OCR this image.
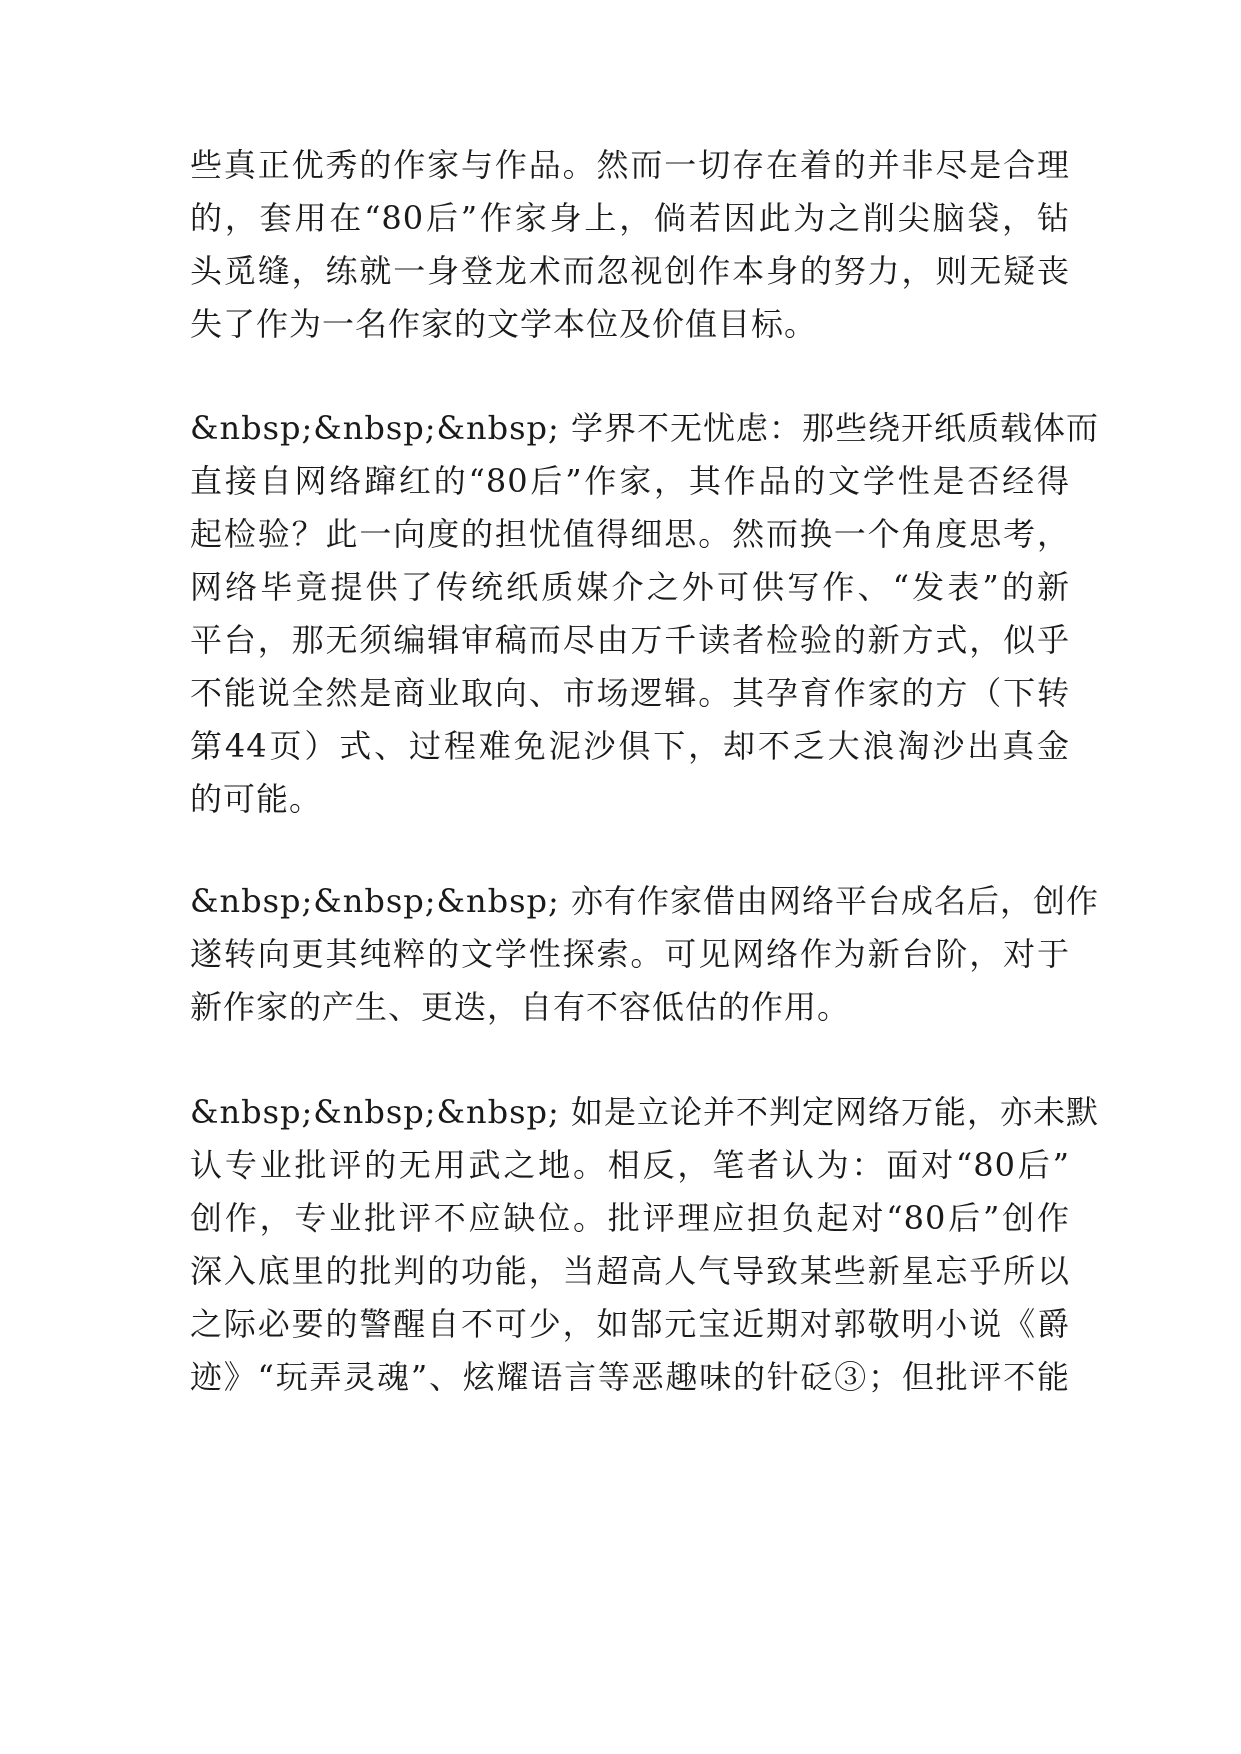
些真正优秀的作家与作品。然而一切存在着的并非尽是合理
的，套用在“80后”作家身上，倘若因此为之削尖脑袋，钻
头觅缝，练就一身登龙术而忽视创作本身的努力，则无疑丧
失了作为一名作家的文学本位及价值目标。
&nbsp;&nbsp;&nbsp; 学界不无忧虑：那些绕开纸质载体而
直接自网络蹿红的“80后”作家，其作品的文学性是否经得
起检验？此一向度的担忧值得细思。然而换一个角度思考，
网络毕竟提供了传统纸质媒介之外可供写作、“发表”的新
平台，那无须编辑审稿而尽由万千读者检验的新方式，似乎
不能说全然是商业取向、市场逻辑。其孕育作家的方（下转
第44页）式、过程难免泥沙俱下，却不乏大浪淘沙出真金
的可能。
&nbsp;&nbsp;&nbsp; 亦有作家借由网络平台成名后，创作
遂转向更其纯粹的文学性探索。可见网络作为新台阶，对于
新作家的产生、更迭，自有不容低估的作用。
&nbsp;&nbsp;&nbsp; 如是立论并不判定网络万能，亦未默
认专业批评的无用武之地。相反，笔者认为：面对“80后”
创作，专业批评不应缺位。批评理应担负起对“80后”创作
深入底里的批判的功能，当超高人气导致某些新星忘乎所以
之际必要的警醒自不可少，如郜元宝近期对郭敬明小说《爵
迹》“玩弄灵魂”、炫耀语言等恶趣味的针砭③；但批评不能
